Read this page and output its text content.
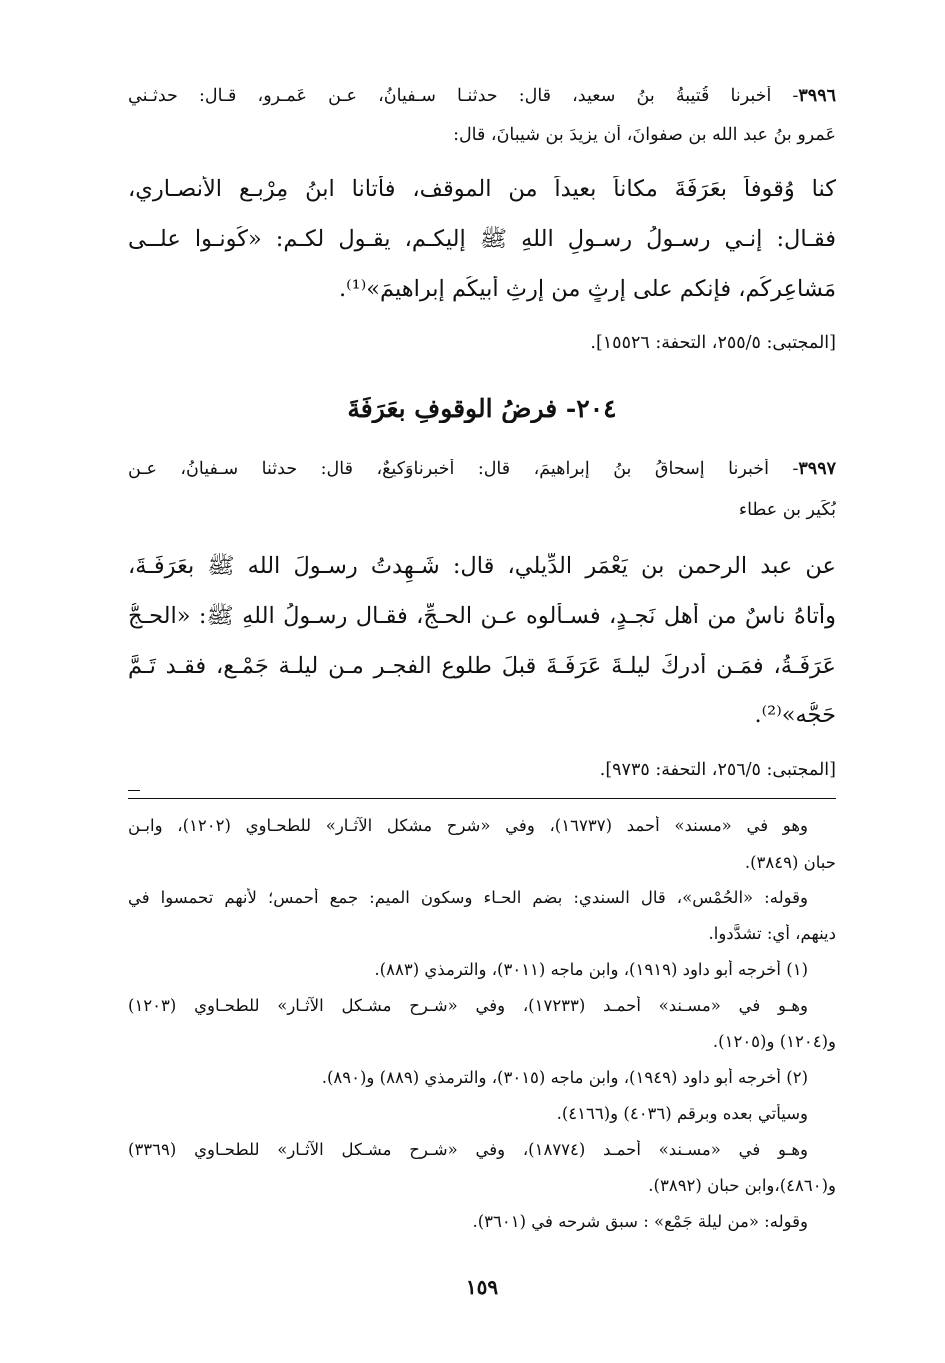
٣٩٩٦- أخبرنا قُتيبةُ بنُ سعيد، قال: حدثنـا سـفيانُ، عـن عَمـرو، قـال: حدثـني
عَمرو بنُ عبد الله بن صفوانَ، أن يزيدَ بن شيبانَ، قال:
كنا وُقوفاً بعَرَفَةَ مكاناً بعيداً من الموقف، فأتانا ابنُ مِرْبـعٍ الأنصـاري،
فقـال: إنـي رسـولُ رسـولِ اللهِ ﷺ إليكـم، يقـول لكـم: «كُونـوا علــى
مَشاعِرِكُم، فإنكم على إرثٍ من إرثِ أبيكُم إبراهيمَ»⁽¹⁾.
[المجتبى: ٢٥٥/٥، التحفة: ١٥٥٢٦].
٢٠٤- فرضُ الوقوفِ بعَرَفَةَ
٣٩٩٧- أخبرنا إسحاقُ بنُ إبراهيمَ، قال: أخبرناوَكيعٌ، قال: حدثنا سـفيانُ، عـن
بُكَير بن عطاء
عن عبد الرحمن بن يَعْمَر الدِّيلي، قال: شَـهِدتُ رسـولَ الله ﷺ بعَرَفَـةَ،
وأتاهُ ناسٌ من أهل نَجـدٍ، فسـألوه عـن الحـجِّ، فقـال رسـولُ اللهِ ﷺ: «الحـجُّ
عَرَفَـةُ، فمَـن أدركَ ليلـةَ عَرَفَـةَ قبلَ طلوعِ الفجـرِ مـن ليلـة جَمْـعٍ، فقـد تَـمَّ
حَجُّه»⁽²⁾.
[المجتبى: ٢٥٦/٥، التحفة: ٩٧٣٥].
وهو في «مسند» أحمد (١٦٧٣٧)، وفي «شرح مشكل الآثـار» للطحـاوي (١٢٠٢)، وابـن
حبان (٣٨٤٩).
وقوله: «الحُمْس»، قال السندي: بضم الحـاء وسكون الميم: جمع أحمس؛ لأنهم تحمسوا في
دينهم، أي: تشدَّدوا.
(١) أخرجه أبو داود (١٩١٩)، وابن ماجه (٣٠١١)، والترمذي (٨٨٣).
وهـو في «مسـند» أحمـد (١٧٢٣٣)، وفي «شـرح مشـكل الآثـار» للطحـاوي (١٢٠٣)
و(١٢٠٤) و(١٢٠٥).
(٢) أخرجه أبو داود (١٩٤٩)، وابن ماجه (٣٠١٥)، والترمذي (٨٨٩) و(٨٩٠).
وسيأتي بعده وبرقم (٤٠٣٦) و(٤١٦٦).
وهـو في «مسـند» أحمـد (١٨٧٧٤)، وفي «شـرح مشـكل الآثـار» للطحـاوي (٣٣٦٩)
و(٤٨٦٠)،وابن حبان (٣٨٩٢).
وقوله: «من ليلة جَمْع» : سبق شرحه في (٣٦٠١).
١٥٩
